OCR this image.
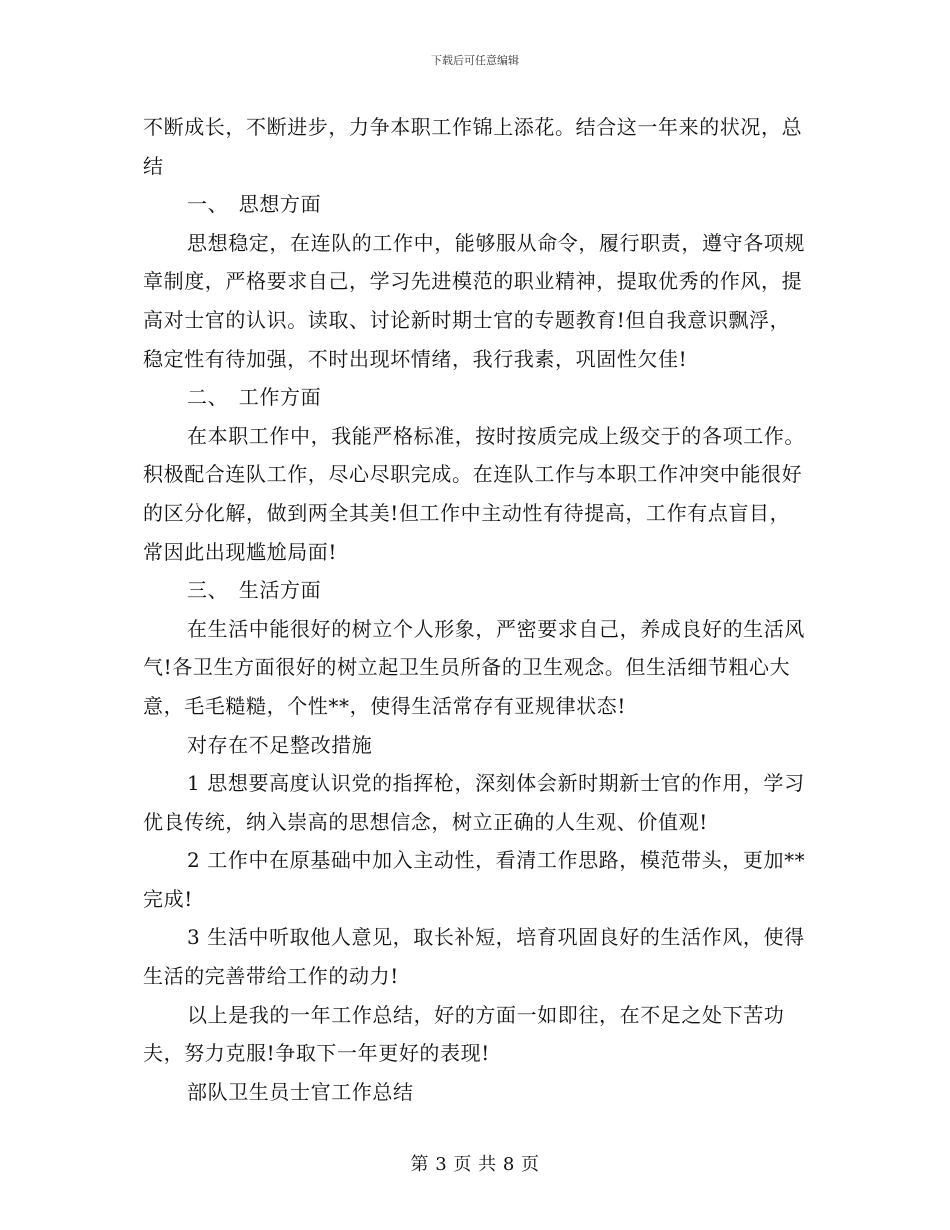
下载后可任意编辑

不断成长，不断进步，力争本职工作锦上添花。结合这一年来的状况，总结

一、　思想方面

思想稳定，在连队的工作中，能够服从命令，履行职责，遵守各项规章制度，严格要求自己，学习先进模范的职业精神，提取优秀的作风，提高对士官的认识。读取、讨论新时期士官的专题教育!但自我意识飘浮，稳定性有待加强，不时出现坏情绪，我行我素，巩固性欠佳!

二、　工作方面

在本职工作中，我能严格标准，按时按质完成上级交于的各项工作。积极配合连队工作，尽心尽职完成。在连队工作与本职工作冲突中能很好的区分化解，做到两全其美!但工作中主动性有待提高，工作有点盲目，常因此出现尴尬局面!

三、　生活方面

在生活中能很好的树立个人形象，严密要求自己，养成良好的生活风气!各卫生方面很好的树立起卫生员所备的卫生观念。但生活细节粗心大意，毛毛糙糙，个性**，使得生活常存有亚规律状态!

对存在不足整改措施

1 思想要高度认识党的指挥枪，深刻体会新时期新士官的作用，学习优良传统，纳入崇高的思想信念，树立正确的人生观、价值观!

2 工作中在原基础中加入主动性，看清工作思路，模范带头，更加**完成!

3 生活中听取他人意见，取长补短，培育巩固良好的生活作风，使得生活的完善带给工作的动力!

以上是我的一年工作总结，好的方面一如即往，在不足之处下苦功夫，努力克服!争取下一年更好的表现!

部队卫生员士官工作总结

第 3 页 共 8 页
